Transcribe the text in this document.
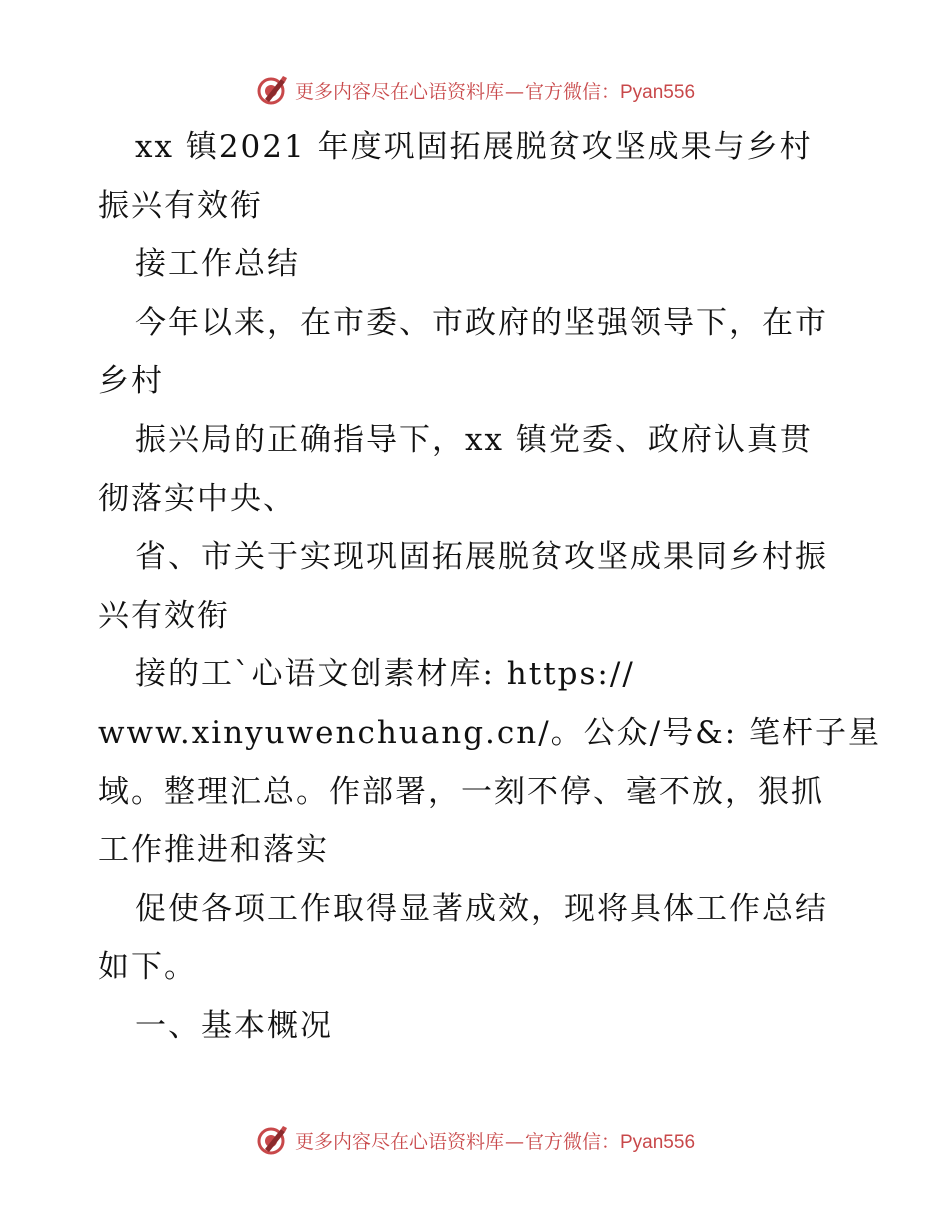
更多内容尽在心语资料库 — 官方微信： Pyan556
xx 镇2021 年度巩固拓展脱贫攻坚成果与乡村
振兴有效衔
接工作总结
今年以来，在市委、市政府的坚强领导下，在市
乡村
振兴局的正确指导下，xx 镇党委、政府认真贯
彻落实中央、
省、市关于实现巩固拓展脱贫攻坚成果同乡村振
兴有效衔
接的工ˋ心语文创素材库: https://
www.xinyuwenchuang.cn/。公众/号&: 笔杆子星
域。整理汇总。作部署，一刻不停、毫不放，狠抓
工作推进和落实
促使各项工作取得显著成效，现将具体工作总结
如下。
一、基本概况
更多内容尽在心语资料库 — 官方微信： Pyan556
